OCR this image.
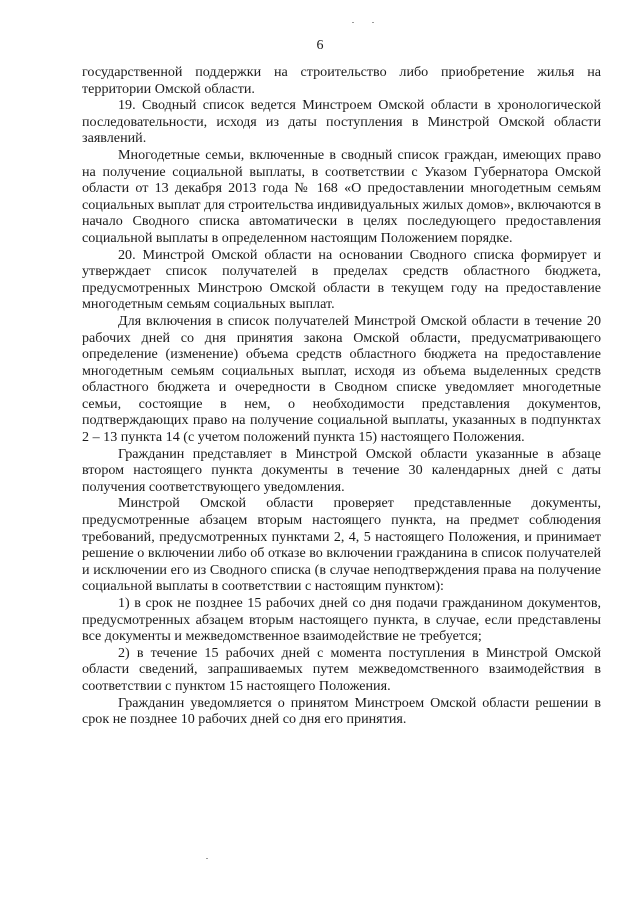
6

государственной поддержки на строительство либо приобретение жилья на территории Омской области.

19. Сводный список ведется Минстроем Омской области в хронологической последовательности, исходя из даты поступления в Минстрой Омской области заявлений.

Многодетные семьи, включенные в сводный список граждан, имеющих право на получение социальной выплаты, в соответствии с Указом Губернатора Омской области от 13 декабря 2013 года № 168 «О предоставлении многодетным семьям социальных выплат для строительства индивидуальных жилых домов», включаются в начало Сводного списка автоматически в целях последующего предоставления социальной выплаты в определенном настоящим Положением порядке.

20. Минстрой Омской области на основании Сводного списка формирует и утверждает список получателей в пределах средств областного бюджета, предусмотренных Минстрою Омской области в текущем году на предоставление многодетным семьям социальных выплат.

Для включения в список получателей Минстрой Омской области в течение 20 рабочих дней со дня принятия закона Омской области, предусматривающего определение (изменение) объема средств областного бюджета на предоставление многодетным семьям социальных выплат, исходя из объема выделенных средств областного бюджета и очередности в Сводном списке уведомляет многодетные семьи, состоящие в нем, о необходимости представления документов, подтверждающих право на получение социальной выплаты, указанных в подпунктах 2 – 13 пункта 14 (с учетом положений пункта 15) настоящего Положения.

Гражданин представляет в Минстрой Омской области указанные в абзаце втором настоящего пункта документы в течение 30 календарных дней с даты получения соответствующего уведомления.

Минстрой Омской области проверяет представленные документы, предусмотренные абзацем вторым настоящего пункта, на предмет соблюдения требований, предусмотренных пунктами 2, 4, 5 настоящего Положения, и принимает решение о включении либо об отказе во включении гражданина в список получателей и исключении его из Сводного списка (в случае неподтверждения права на получение социальной выплаты в соответствии с настоящим пунктом):

1) в срок не позднее 15 рабочих дней со дня подачи гражданином документов, предусмотренных абзацем вторым настоящего пункта, в случае, если представлены все документы и межведомственное взаимодействие не требуется;

2) в течение 15 рабочих дней с момента поступления в Минстрой Омской области сведений, запрашиваемых путем межведомственного взаимодействия в соответствии с пунктом 15 настоящего Положения.

Гражданин уведомляется о принятом Минстроем Омской области решении в срок не позднее 10 рабочих дней со дня его принятия.
